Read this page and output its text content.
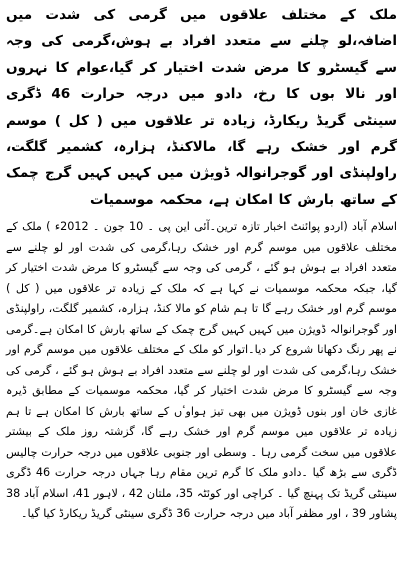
ملک کے مختلف علاقوں میں گرمی کی شدت میں اضافہ،لو چلنے سے متعدد افراد بے ہوش،گرمی کی وجہ سے گیسٹرو کا مرض شدت اختیار کر گیا،عوام کا نہروں اور نالا بوں کا رخ، دادو میں درجہ حرارت 46 ڈگری سینٹی گریڈ ریکارڈ، زیادہ تر علاقوں میں ( کل ) موسم گرم اور خشک رہے گا، مالاکنڈ، ہزارہ، کشمیر گلگت، راولپنڈی اور گوجرانوالہ ڈویژن میں کہیں کہیں گرج چمک کے ساتھ بارش کا امکان ہے، محکمہ موسمیات

اسلام آباد (اردو پوائنٹ اخبار تازہ ترین۔آئی این پی ۔ 10 جون ۔ 2012ء ) ملک کے مختلف علاقوں میں موسم گرم اور خشک رہا،گرمی کی شدت اور لو چلنے سے متعدد افراد بے ہوش ہو گئے ، گرمی کی وجہ سے گیسٹرو کا مرض شدت اختیار کر گیا، جبکہ محکمہ موسمیات نے کہا ہے کہ ملک کے زیادہ تر علاقوں میں ( کل ) موسم گرم اور خشک رہے گا تا ہم شام کو مالا کنڈ، ہزارہ، کشمیر گلگت، راولپنڈی اور گوجرانوالہ ڈویژن میں کہیں کہیں گرج چمک کے ساتھ بارش کا امکان ہے۔گرمی نے پھر رنگ دکھانا شروع کر دیا۔اتوار کو ملک کے مختلف علاقوں میں موسم گرم اور خشک رہا،گرمی کی شدت اور لو چلنے سے متعدد افراد بے ہوش ہو گئے ، گرمی کی وجہ سے گیسٹرو کا مرض شدت اختیار کر گیا، محکمہ موسمیات کے مطابق ڈیرہ غازی خان اور بنوں ڈویژن میں بھی تیز ہواوٴں کے ساتھ بارش کا امکان ہے تا ہم زیادہ تر علاقوں میں موسم گرم اور خشک رہے گا، گزشتہ روز ملک کے بیشتر علاقوں میں سخت گرمی رہا ۔ وسطی اور جنوبی علاقوں میں درجہ حرارت چالیس ڈگری سے بڑھ گیا ۔دادو ملک کا گرم ترین مقام رہا جہاں درجہ حرارت 46 ڈگری سینٹی گریڈ تک پہنچ گیا ۔ کراچی اور کوئٹہ 35، ملتان 42 ، لاہور 41، اسلام آباد 38 پشاور 39 ، اور مظفر آباد میں درجہ حرارت 36 ڈگری سینٹی گریڈ ریکارڈ کیا گیا۔
